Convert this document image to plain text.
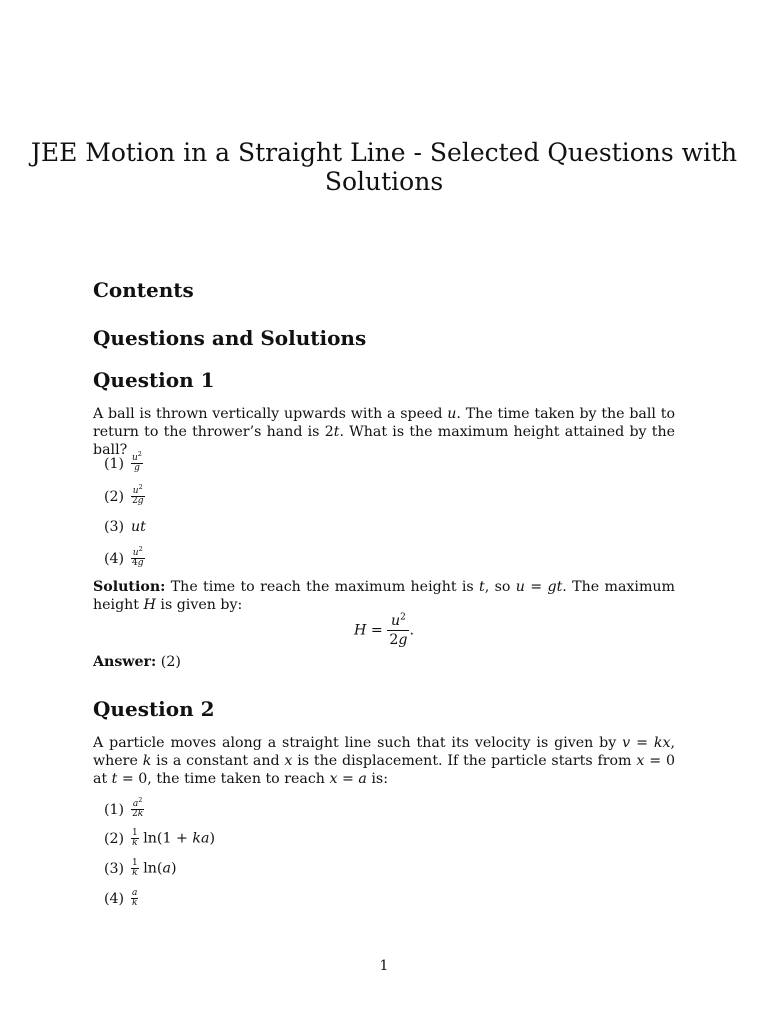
JEE Motion in a Straight Line - Selected Questions with Solutions
Contents
Questions and Solutions
Question 1
A ball is thrown vertically upwards with a speed u. The time taken by the ball to return to the thrower’s hand is 2t. What is the maximum height attained by the ball?
$(1) \frac{u^2}{g}$
$(2) \frac{u^2}{2g}$
(3) ut
$(4) \frac{u^2}{4g}$
Solution: The time to reach the maximum height is t, so u = gt. The maximum height H is given by:
$H = \frac{u^2}{2g}$ .
Answer: (2)
Question 2
A particle moves along a straight line such that its velocity is given by v = kx, where k is a constant and x is the displacement. If the particle starts from x = 0 at t = 0, the time taken to reach x = a is:
$(1) \frac{a^2}{2k}$
$(2) \frac{1}{k} \ln(1 + ka)$
$(3) \frac{1}{k} \ln(a)$
$(4) \frac{a}{k}$
1
